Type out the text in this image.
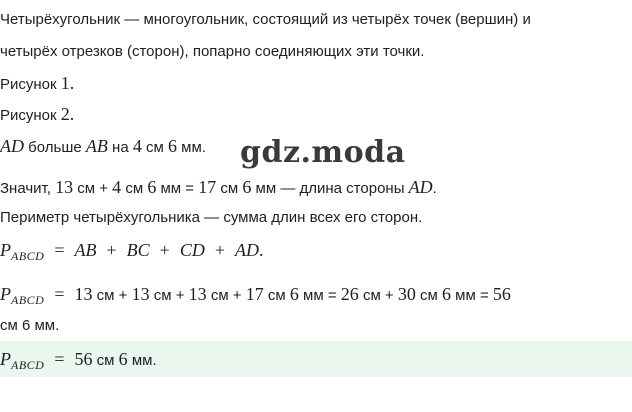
Четырёхугольник — многоугольник, состоящий из четырёх точек (вершин) и
четырёх отрезков (сторон), попарно соединяющих эти точки.
Рисунок 1.
Рисунок 2.
AD больше AB на 4 см 6 мм. gdz.moda
Значит, 13 см + 4 см 6 мм = 17 см 6 мм — длина стороны AD.
Периметр четырёхугольника — сумма длин всех его сторон.
$P_{ABCD}$ = AB + BC + CD + AD.
$P_{ABCD} = 13$ см + 13 см + 13 см + 17 см 6 мм = 26 см + 30 см 6 мм = 56
см 6 мм.
$P_{ABCD} = 56$ см 6 мм.
